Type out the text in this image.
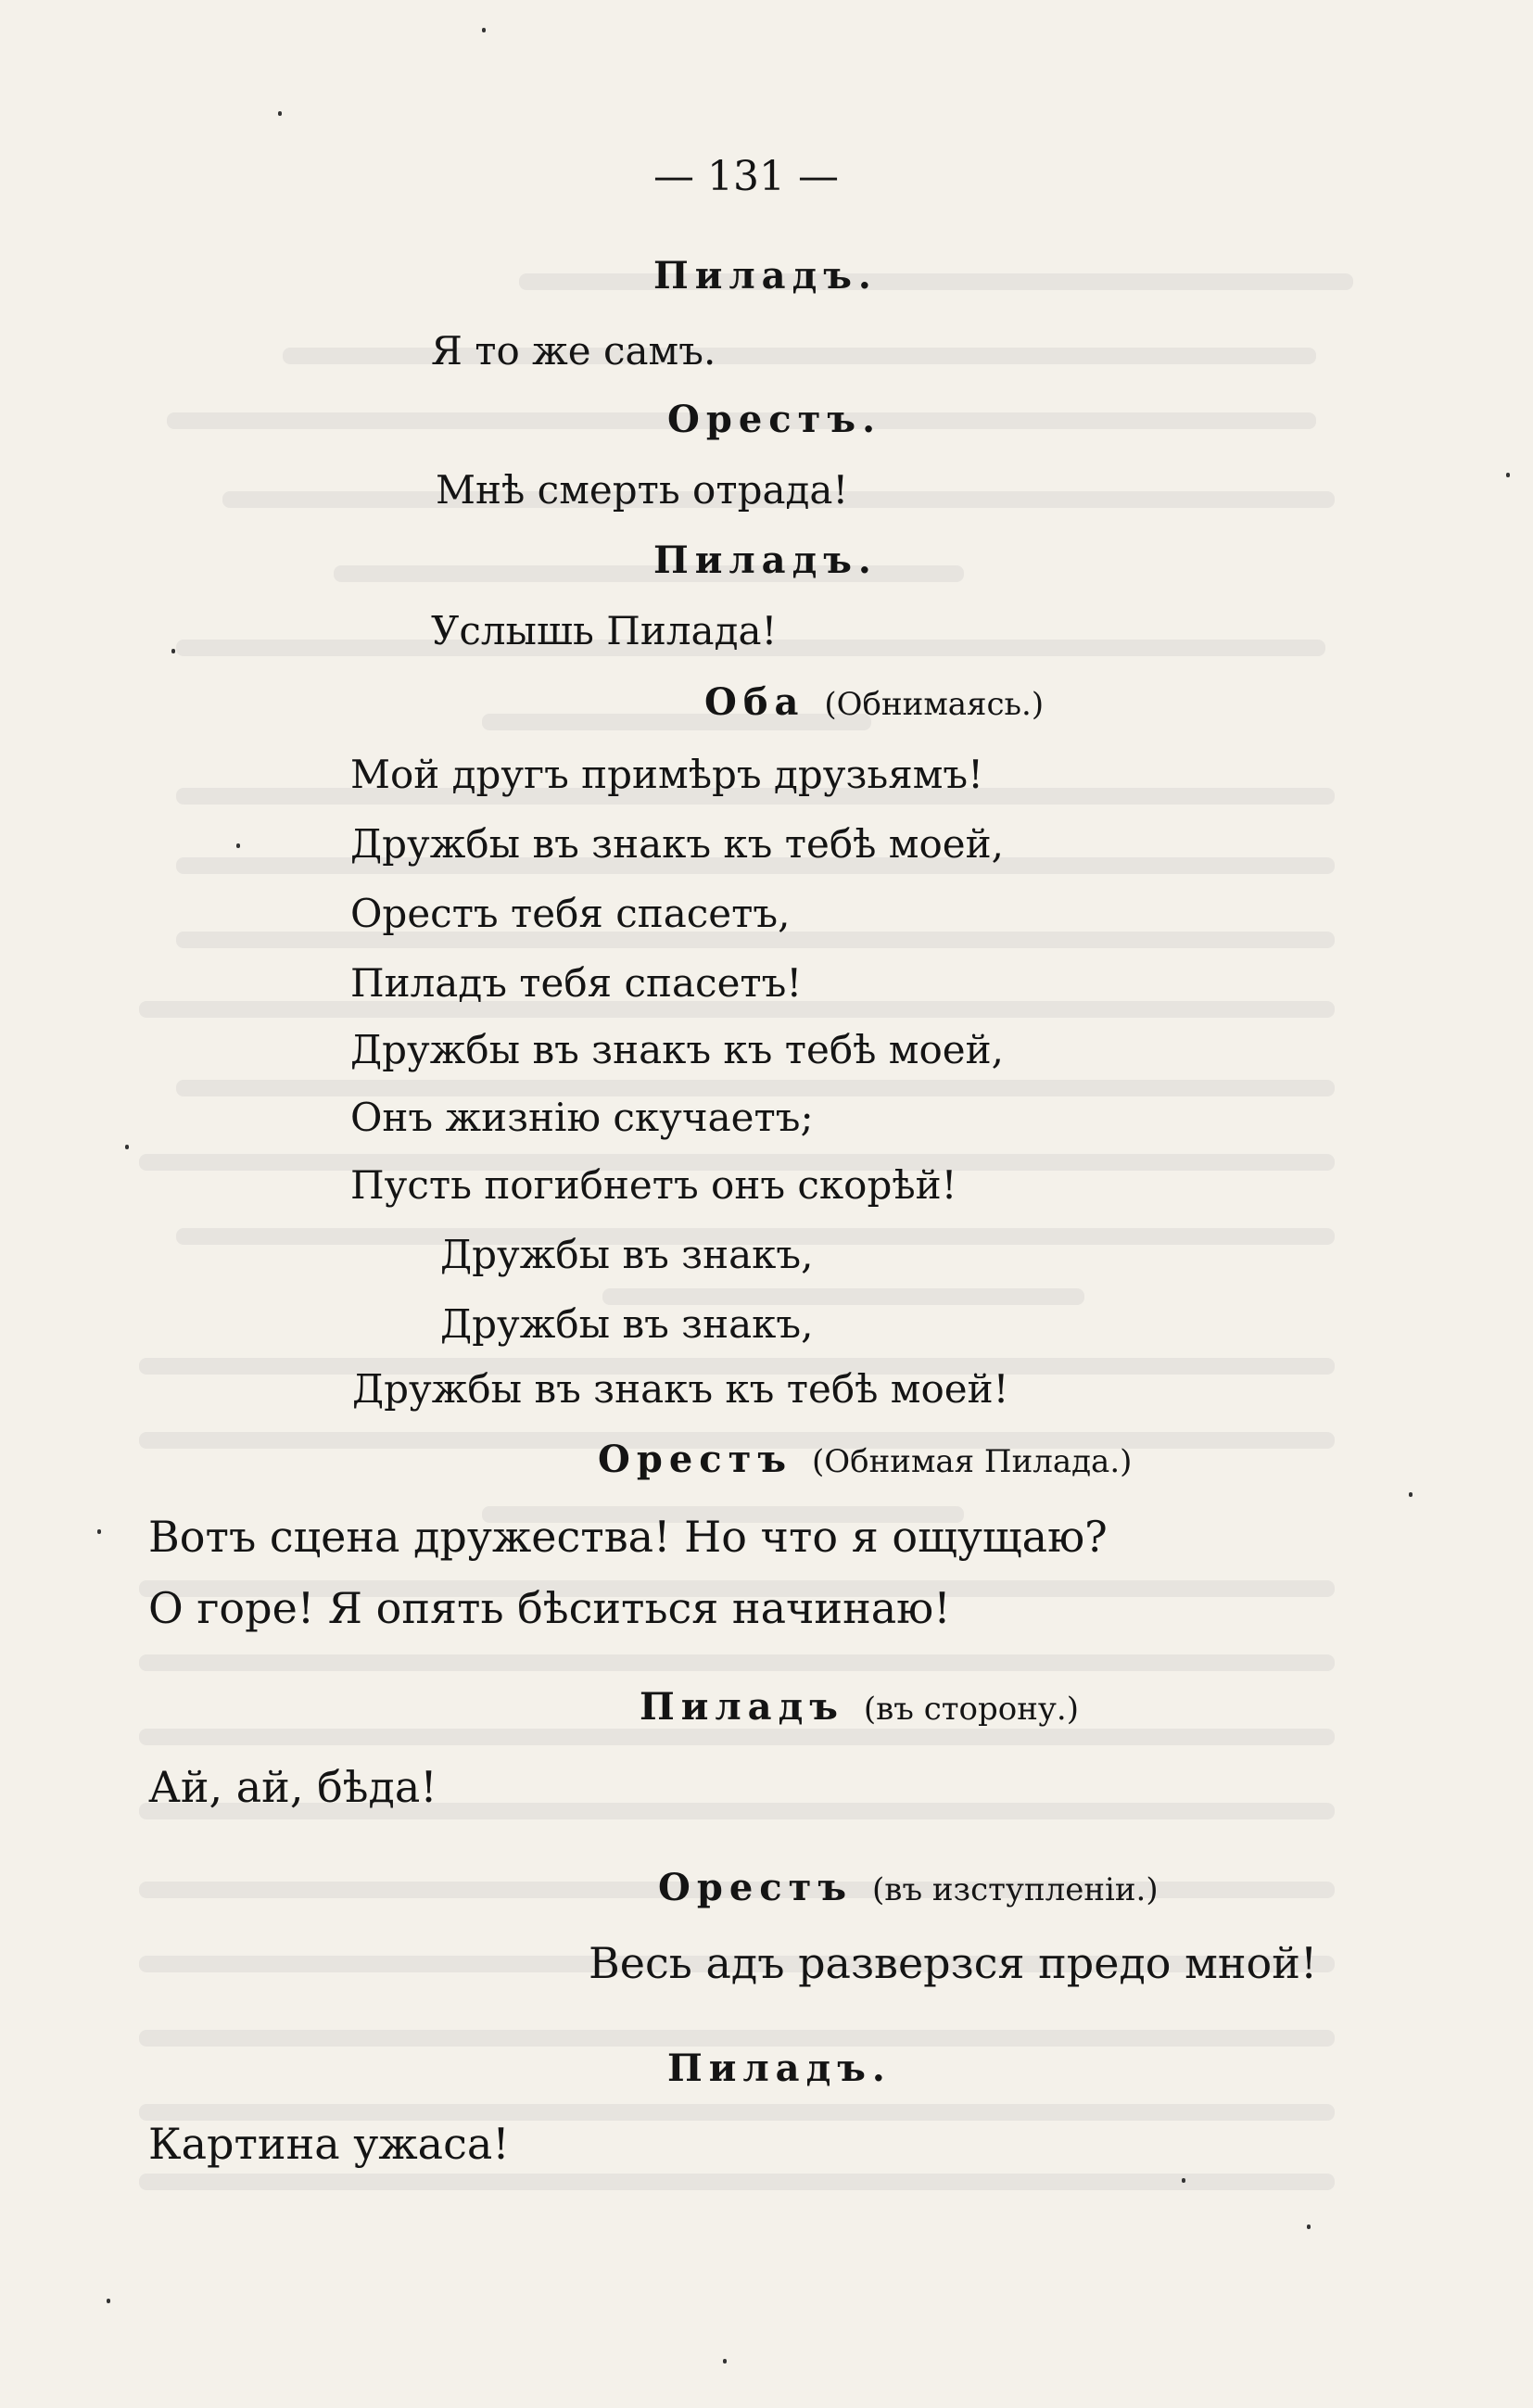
— 131 —
Пиладъ.
Я то же самъ.
Орестъ.
Мнѣ смерть отрада!
Пиладъ.
Услышь Пилада!
Оба (Обнимаясь.)
Мой другъ примѣръ друзьямъ!
Дружбы въ знакъ къ тебѣ моей,
Орестъ тебя спасетъ,
Пиладъ тебя спасетъ!
Дружбы въ знакъ къ тебѣ моей,
Онъ жизнію скучаетъ;
Пусть погибнетъ онъ скорѣй!
Дружбы въ знакъ,
Дружбы въ знакъ,
Дружбы въ знакъ къ тебѣ моей!
Орестъ (Обнимая Пилада.)
Вотъ сцена дружества! Но что я ощущаю?
О горе! Я опять бѣситься начинаю!
Пиладъ (въ сторону.)
Ай, ай, бѣда!
Орестъ (въ изступленіи.)
Весь адъ разверзся предо мной!
Пиладъ.
Картина ужаса!
